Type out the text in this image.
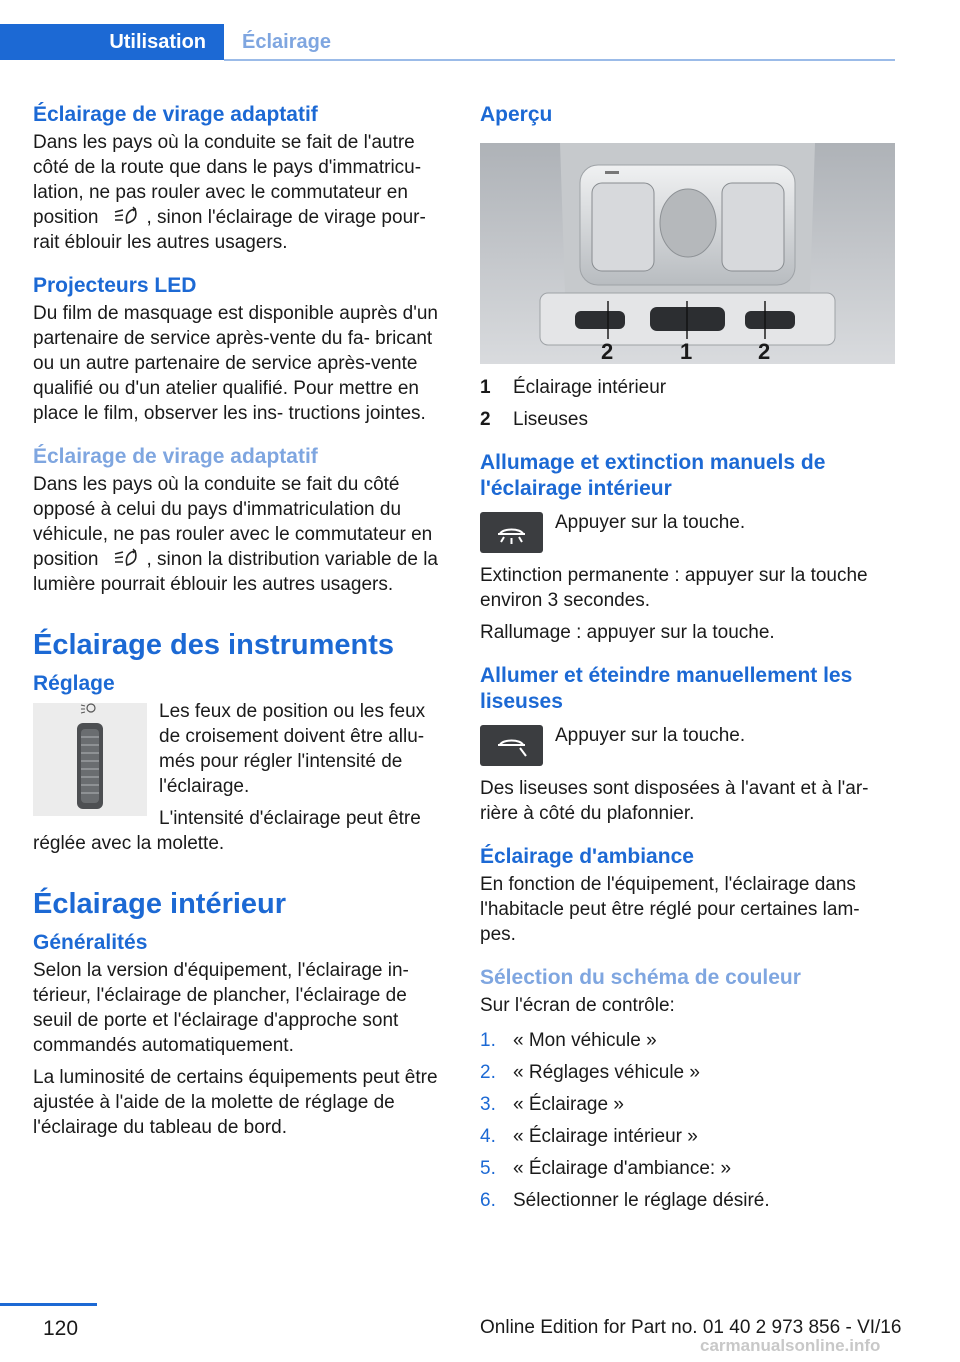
Utilisation	Éclairage
Éclairage de virage adaptatif

Dans les pays où la conduite se fait de l'autre côté de la route que dans le pays d'immatricu- lation, ne pas rouler avec le commutateur en position	, sinon l'éclairage de virage pour- rait éblouir les autres usagers.

Projecteurs LED

Du film de masquage est disponible auprès d'un partenaire de service après-vente du fa- bricant ou un autre partenaire de service après-vente qualifié ou d'un atelier qualifié. Pour mettre en place le film, observer les ins- tructions jointes.

Éclairage de virage adaptatif

Dans les pays où la conduite se fait du côté opposé à celui du pays d'immatriculation du véhicule, ne pas rouler avec le commutateur en position	, sinon la distribution variable de la lumière pourrait éblouir les autres usagers.

Éclairage des instruments
Réglage

Les feux de position ou les feux de croisement doivent être allu- més pour régler l'intensité de l'éclairage.

L'intensité d'éclairage peut être réglée avec la molette.

Éclairage intérieur
Généralités

Selon la version d'équipement, l'éclairage in- térieur, l'éclairage de plancher, l'éclairage de seuil de porte et l'éclairage d'approche sont commandés automatiquement.

La luminosité de certains équipements peut être ajustée à l'aide de la molette de réglage de l'éclairage du tableau de bord.

Aperçu
2	1	2
1	Éclairage intérieur
2	Liseuses
Allumage et extinction manuels de l'éclairage intérieur

Appuyer sur la touche.

Extinction permanente : appuyer sur la touche environ 3 secondes.

Rallumage : appuyer sur la touche.

Allumer et éteindre manuellement les liseuses

Appuyer sur la touche.

Des liseuses sont disposées à l'avant et à l'ar- rière à côté du plafonnier.

Éclairage d'ambiance

En fonction de l'équipement, l'éclairage dans l'habitacle peut être réglé pour certaines lam- pes.

Sélection du schéma de couleur

Sur l'écran de contrôle:

1. « Mon véhicule »
2. « Réglages véhicule »
3. « Éclairage »
4. « Éclairage intérieur »
5. « Éclairage d'ambiance: »
6. Sélectionner le réglage désiré.
120	Online Edition for Part no. 01 40 2 973 856 - VI/16
carmanualsonline.info
